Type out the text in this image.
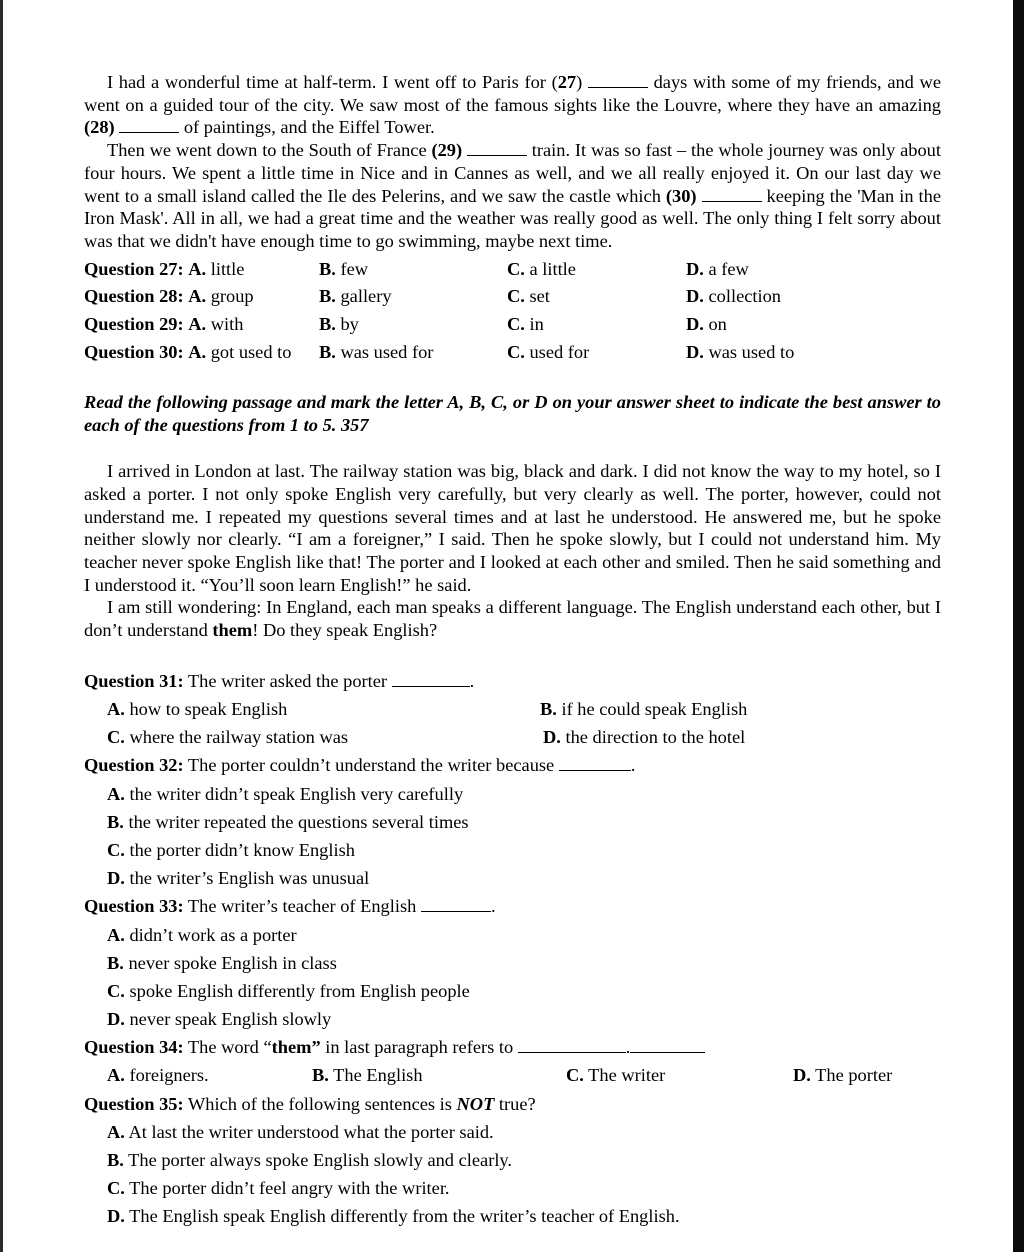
I had a wonderful time at half-term. I went off to Paris for (27)	days with some of my friends, and we went on a guided tour of the city. We saw most of the famous sights like the Louvre, where they have an amazing (28)	of paintings, and the Eiffel Tower.

Then we went down to the South of France (29)	train. It was so fast – the whole journey was only about four hours. We spent a little time in Nice and in Cannes as well, and we all really enjoyed it. On our last day we went to a small island called the Ile des Pelerins, and we saw the castle which (30)	keeping the 'Man in the Iron Mask'. All in all, we had a great time and the weather was really good as well. The only thing I felt sorry about was that we didn't have enough time to go swimming, maybe next time.

Question 27: A. little	B. few	C. a little	D. a few
Question 28: A. group	B. gallery	C. set	D. collection
Question 29: A. with	B. by	C. in	D. on
Question 30: A. got used to	B. was used for	C. used for	D. was used to

Read the following passage and mark the letter A, B, C, or D on your answer sheet to indicate the best answer to each of the questions from 1 to 5. 357

I arrived in London at last. The railway station was big, black and dark. I did not know the way to my hotel, so I asked a porter. I not only spoke English very carefully, but very clearly as well. The porter, however, could not understand me. I repeated my questions several times and at last he understood. He answered me, but he spoke neither slowly nor clearly. “I am a foreigner,” I said. Then he spoke slowly, but I could not understand him. My teacher never spoke English like that! The porter and I looked at each other and smiled. Then he said something and I understood it. “You’ll soon learn English!” he said.

I am still wondering: In England, each man speaks a different language. The English understand each other, but I don’t understand them! Do they speak English?

Question 31: The writer asked the porter	.
A. how to speak English	B. if he could speak English
C. where the railway station was	D. the direction to the hotel
Question 32: The porter couldn’t understand the writer because	.
A. the writer didn’t speak English very carefully
B. the writer repeated the questions several times
C. the porter didn’t know English
D. the writer’s English was unusual
Question 33: The writer’s teacher of English	.
A. didn’t work as a porter
B. never spoke English in class
C. spoke English differently from English people
D. never speak English slowly
Question 34: The word “them” in last paragraph refers to	.
A. foreigners.	B. The English	C. The writer	D. The porter
Question 35: Which of the following sentences is NOT true?
A. At last the writer understood what the porter said.
B. The porter always spoke English slowly and clearly.
C. The porter didn’t feel angry with the writer.
D. The English speak English differently from the writer’s teacher of English.
